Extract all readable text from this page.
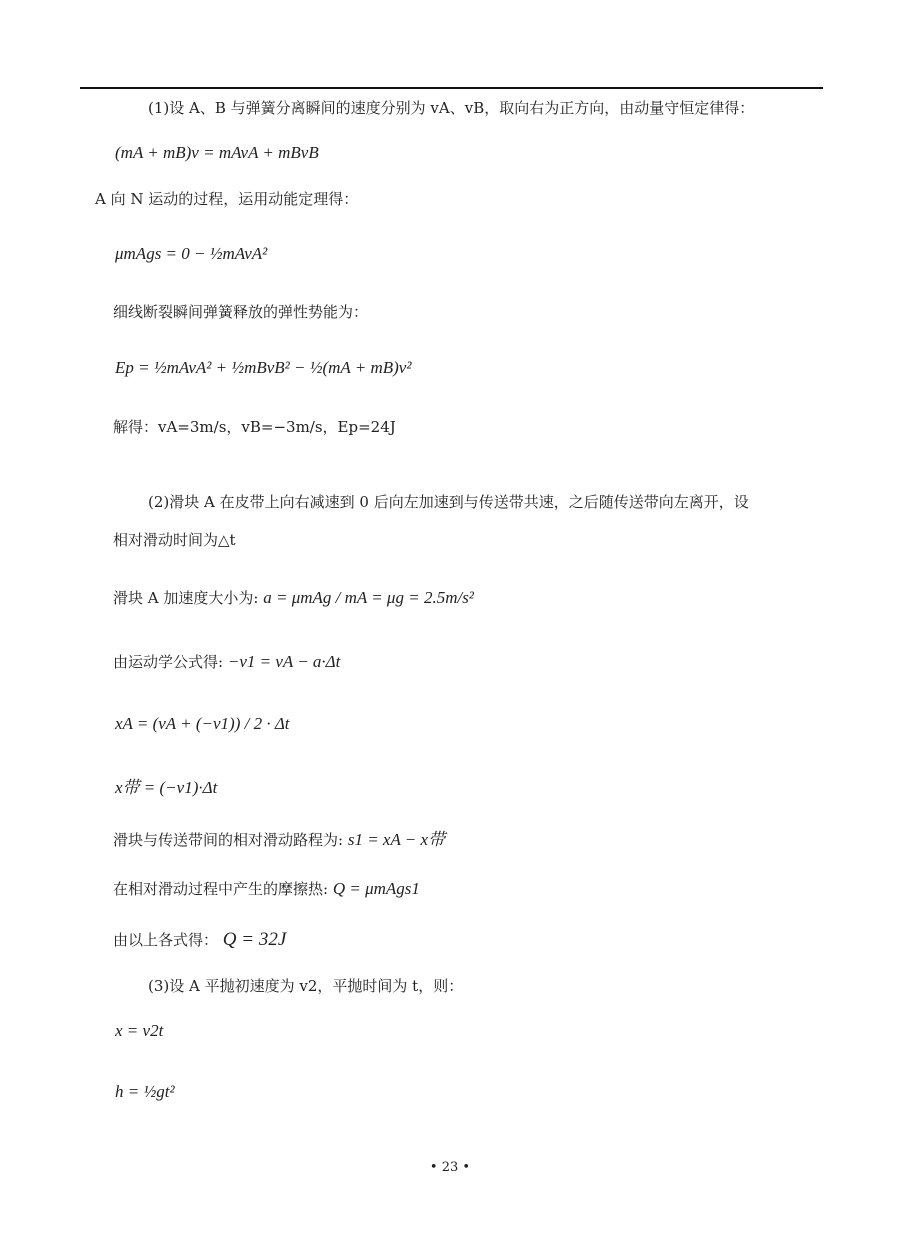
(1)设 A、B 与弹簧分离瞬间的速度分别为 vA、vB，取向右为正方向，由动量守恒定律得：
(mA + mB)v = mAvA + mBvB
A 向 N 运动的过程，运用动能定理得：
μmAgs = 0 − ½mAvA²
细线断裂瞬间弹簧释放的弹性势能为：
Ep = ½mAvA² + ½mBvB² − ½(mA + mB)v²
解得：vA=3m/s，vB=−3m/s，Ep=24J
(2)滑块 A 在皮带上向右减速到 0 后向左加速到与传送带共速，之后随传送带向左离开，设
相对滑动时间为△t
滑块 A 加速度大小为: a = μmAg / mA = μg = 2.5m/s²
由运动学公式得: −v1 = vA − a·Δt
xA = (vA + (−v1)) / 2 · Δt
x带 = (−v1)·Δt
滑块与传送带间的相对滑动路程为: s1 = xA − x带
在相对滑动过程中产生的摩擦热: Q = μmAgs1
由以上各式得： Q = 32J
(3)设 A 平抛初速度为 v2，平抛时间为 t，则：
x = v2t
h = ½gt²
• 23 •
